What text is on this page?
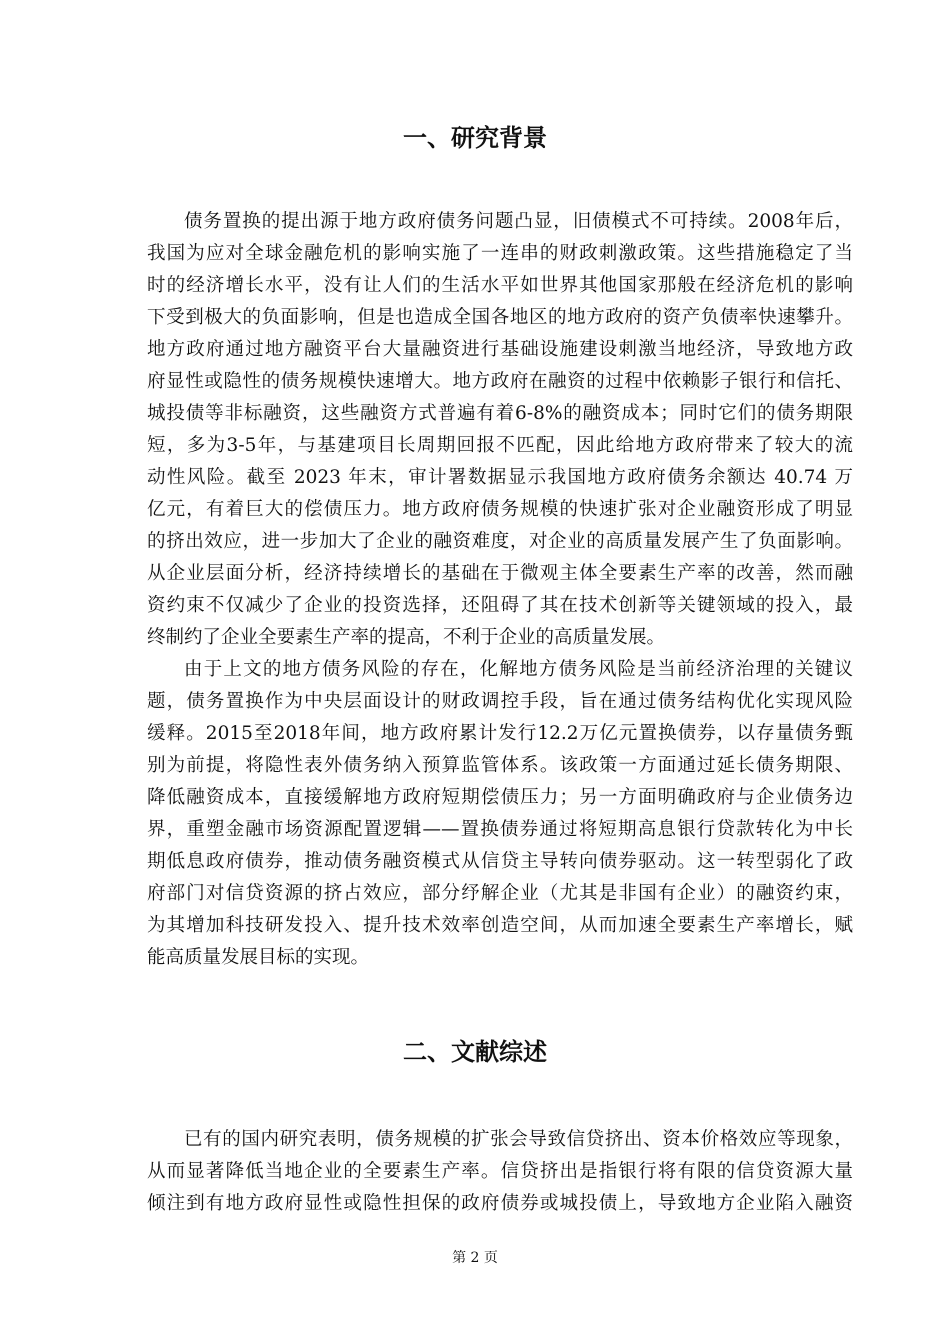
一、研究背景
债务置换的提出源于地方政府债务问题凸显，旧债模式不可持续。2008年后，
我国为应对全球金融危机的影响实施了一连串的财政刺激政策。这些措施稳定了当
时的经济增长水平，没有让人们的生活水平如世界其他国家那般在经济危机的影响
下受到极大的负面影响，但是也造成全国各地区的地方政府的资产负债率快速攀升。
地方政府通过地方融资平台大量融资进行基础设施建设刺激当地经济，导致地方政
府显性或隐性的债务规模快速增大。地方政府在融资的过程中依赖影子银行和信托、
城投债等非标融资，这些融资方式普遍有着6-8%的融资成本；同时它们的债务期限
短，多为3-5年，与基建项目长周期回报不匹配，因此给地方政府带来了较大的流
动性风险。截至 2023 年末，审计署数据显示我国地方政府债务余额达 40.74 万
亿元，有着巨大的偿债压力。地方政府债务规模的快速扩张对企业融资形成了明显
的挤出效应，进一步加大了企业的融资难度，对企业的高质量发展产生了负面影响。
从企业层面分析，经济持续增长的基础在于微观主体全要素生产率的改善，然而融
资约束不仅减少了企业的投资选择，还阻碍了其在技术创新等关键领域的投入，最
终制约了企业全要素生产率的提高，不利于企业的高质量发展。
由于上文的地方债务风险的存在，化解地方债务风险是当前经济治理的关键议
题，债务置换作为中央层面设计的财政调控手段，旨在通过债务结构优化实现风险
缓释。2015至2018年间，地方政府累计发行12.2万亿元置换债券，以存量债务甄
别为前提，将隐性表外债务纳入预算监管体系。该政策一方面通过延长债务期限、
降低融资成本，直接缓解地方政府短期偿债压力；另一方面明确政府与企业债务边
界，重塑金融市场资源配置逻辑——置换债券通过将短期高息银行贷款转化为中长
期低息政府债券，推动债务融资模式从信贷主导转向债券驱动。这一转型弱化了政
府部门对信贷资源的挤占效应，部分纾解企业（尤其是非国有企业）的融资约束，
为其增加科技研发投入、提升技术效率创造空间，从而加速全要素生产率增长，赋
能高质量发展目标的实现。
二、文献综述
已有的国内研究表明，债务规模的扩张会导致信贷挤出、资本价格效应等现象，
从而显著降低当地企业的全要素生产率。信贷挤出是指银行将有限的信贷资源大量
倾注到有地方政府显性或隐性担保的政府债券或城投债上，导致地方企业陷入融资
第 2 页
